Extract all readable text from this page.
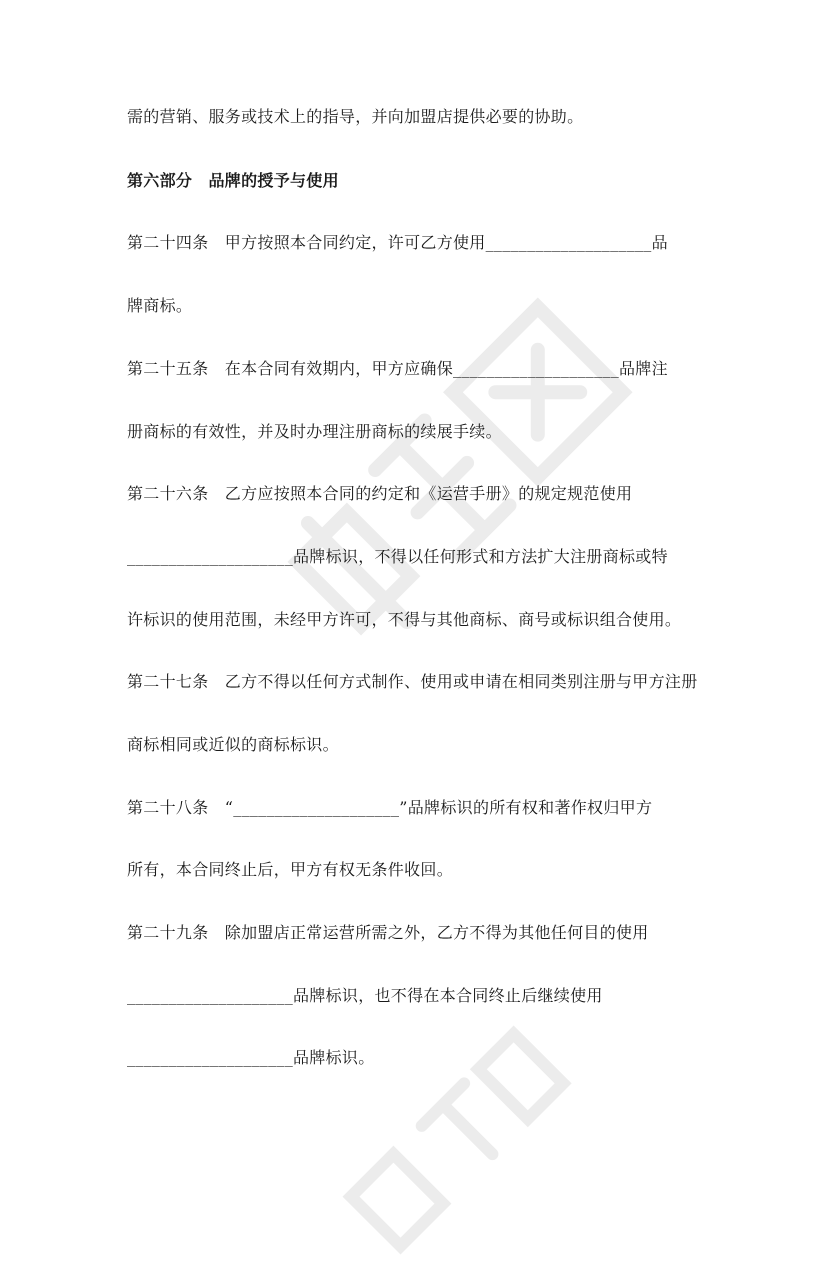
需的营销、服务或技术上的指导，并向加盟店提供必要的协助。
第六部分　品牌的授予与使用
第二十四条　甲方按照本合同约定，许可乙方使用____________________品
牌商标。
第二十五条　在本合同有效期内，甲方应确保____________________品牌注
册商标的有效性，并及时办理注册商标的续展手续。
第二十六条　乙方应按照本合同的约定和《运营手册》的规定规范使用
____________________品牌标识，不得以任何形式和方法扩大注册商标或特
许标识的使用范围，未经甲方许可，不得与其他商标、商号或标识组合使用。
第二十七条　乙方不得以任何方式制作、使用或申请在相同类别注册与甲方注册
商标相同或近似的商标标识。
第二十八条　“____________________”品牌标识的所有权和著作权归甲方
所有，本合同终止后，甲方有权无条件收回。
第二十九条　除加盟店正常运营所需之外，乙方不得为其他任何目的使用
____________________品牌标识，也不得在本合同终止后继续使用
____________________品牌标识。
